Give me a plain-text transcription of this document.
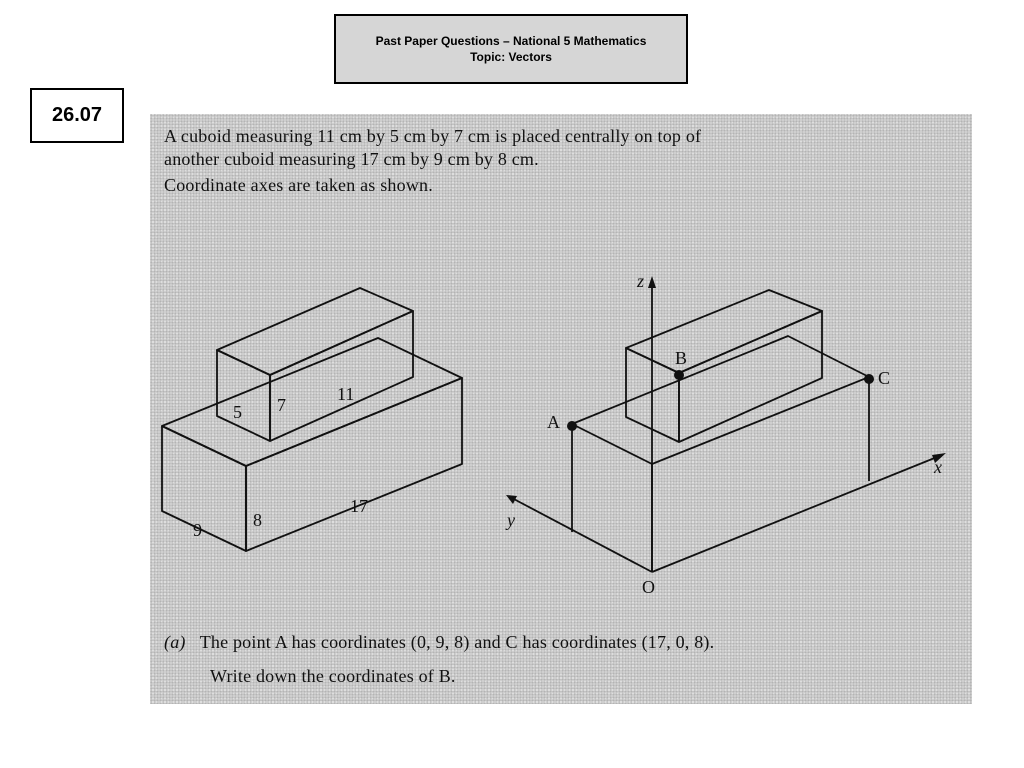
Past Paper Questions – National 5 Mathematics
Topic: Vectors
26.07

A cuboid measuring 11 cm by 5 cm by 7 cm is placed centrally on top of

another cuboid measuring 17 cm by 9 cm by 8 cm.

Coordinate axes are taken as shown.

5 7
11
9	8
17
z
x
y
O
A
B
C

(a) The point A has coordinates (0, 9, 8) and C has coordinates (17, 0, 8).

Write down the coordinates of B.
